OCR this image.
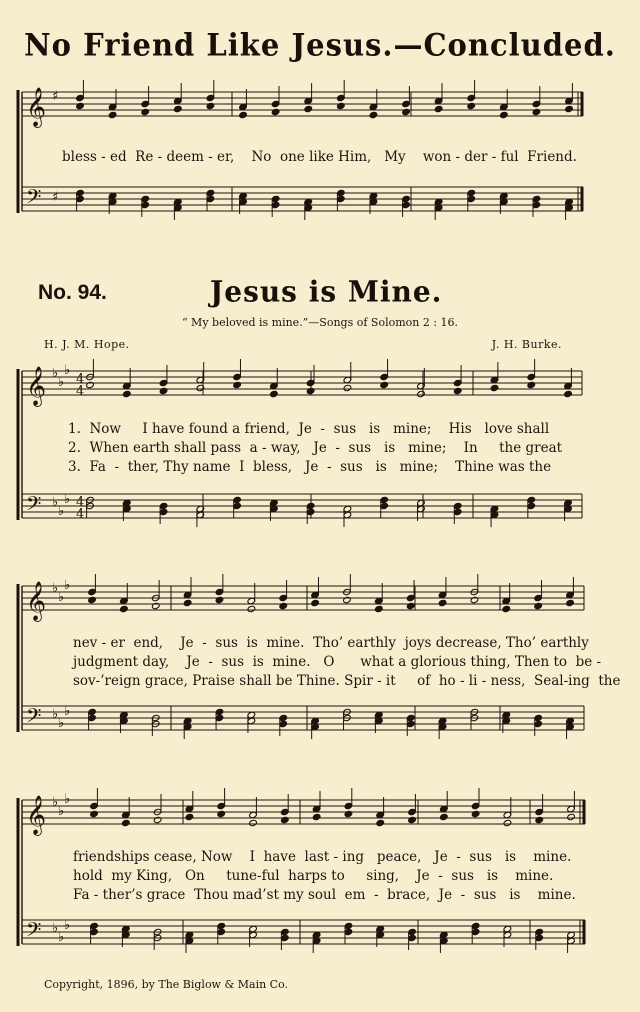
𝄞
𝄢
♯
♯
𝄞
𝄢
♭
♭
♭
♭
♭
♭
4
4
4
4
𝄞
𝄢
♭
♭
♭
♭
♭
♭
𝄞
𝄢
♭
♭
♭
♭
♭
♭
No Friend Like Jesus.—Concluded.
No. 94.	Jesus is Mine.
“ My beloved is mine.”—Songs of Solomon 2 : 16.
H. J. M. Hope.	J. H. Burke.
bless - ed  Re - deem - er,    No  one like Him,   My    won - der - ful  Friend.
1.  Now     I have found a friend,  Je  -  sus   is   mine;    His   love shall
2.  When earth shall pass  a - way,   Je  -  sus   is   mine;    In     the great
3.  Fa  -  ther, Thy name  I  bless,   Je  -  sus   is   mine;    Thine was the
nev - er  end,    Je  -  sus  is  mine.  Tho’ earthly  joys decrease, Tho’ earthly
judgment day,    Je  -  sus  is  mine.   O      what a glorious thing, Then to  be -
sov-’reign grace, Praise shall be Thine. Spir - it     of  ho - li - ness,  Seal-ing  the
friendships cease, Now    I  have  last - ing   peace,   Je  -  sus   is    mine.
hold  my King,   On     tune-ful  harps to     sing,    Je  -  sus   is    mine.
Fa - ther’s grace  Thou mad’st my soul  em  -  brace,  Je  -  sus   is    mine.
Copyright, 1896, by The Biglow & Main Co.
